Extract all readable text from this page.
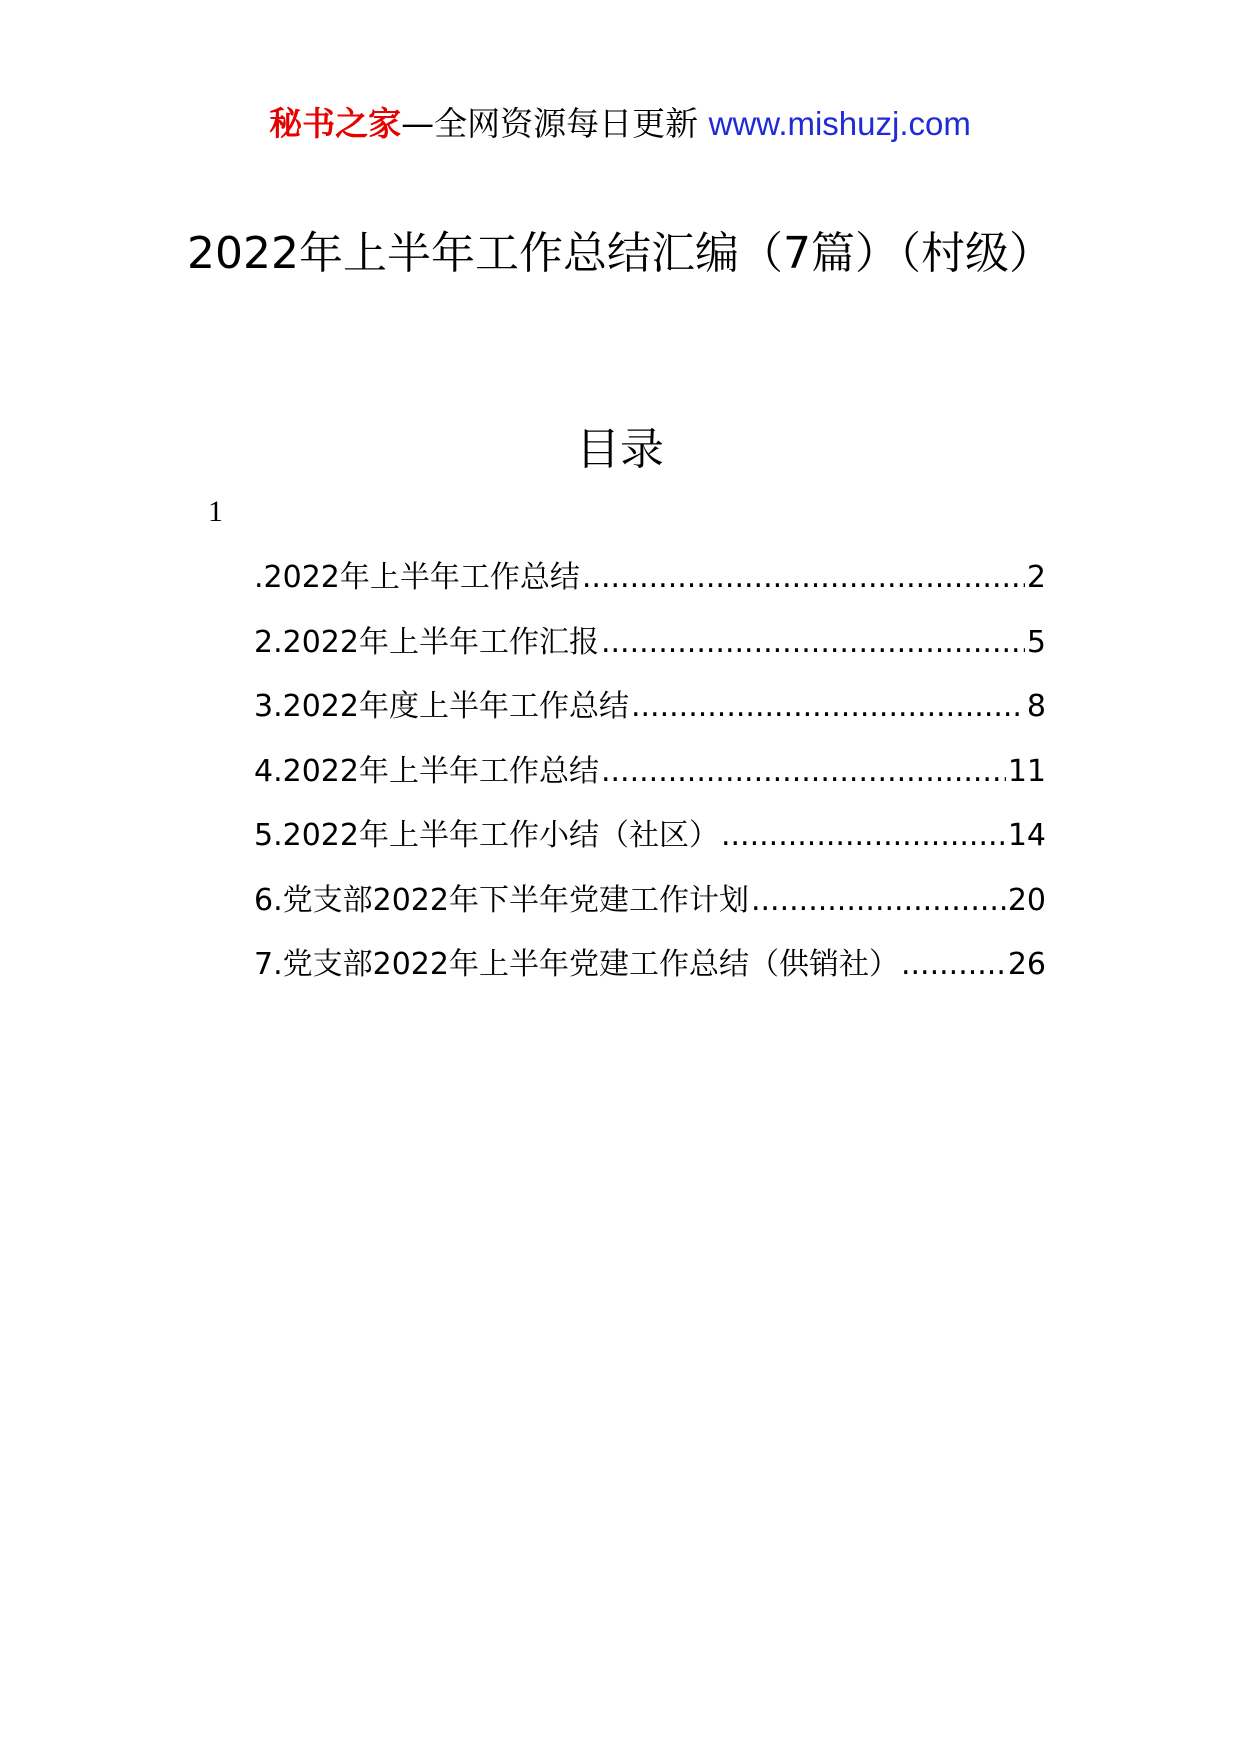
秘书之家—全网资源每日更新 www.mishuzj.com
2022年上半年工作总结汇编（7篇）（村级）
目录
1
.2022年上半年工作总结 .....	2
2.2022年上半年工作汇报 .....	5
3.2022年度上半年工作总结 .....	8
4.2022年上半年工作总结 .....	11
5.2022年上半年工作小结（社区） .....	14
6.党支部2022年下半年党建工作计划 .....	20
7.党支部2022年上半年党建工作总结（供销社） .....	26
